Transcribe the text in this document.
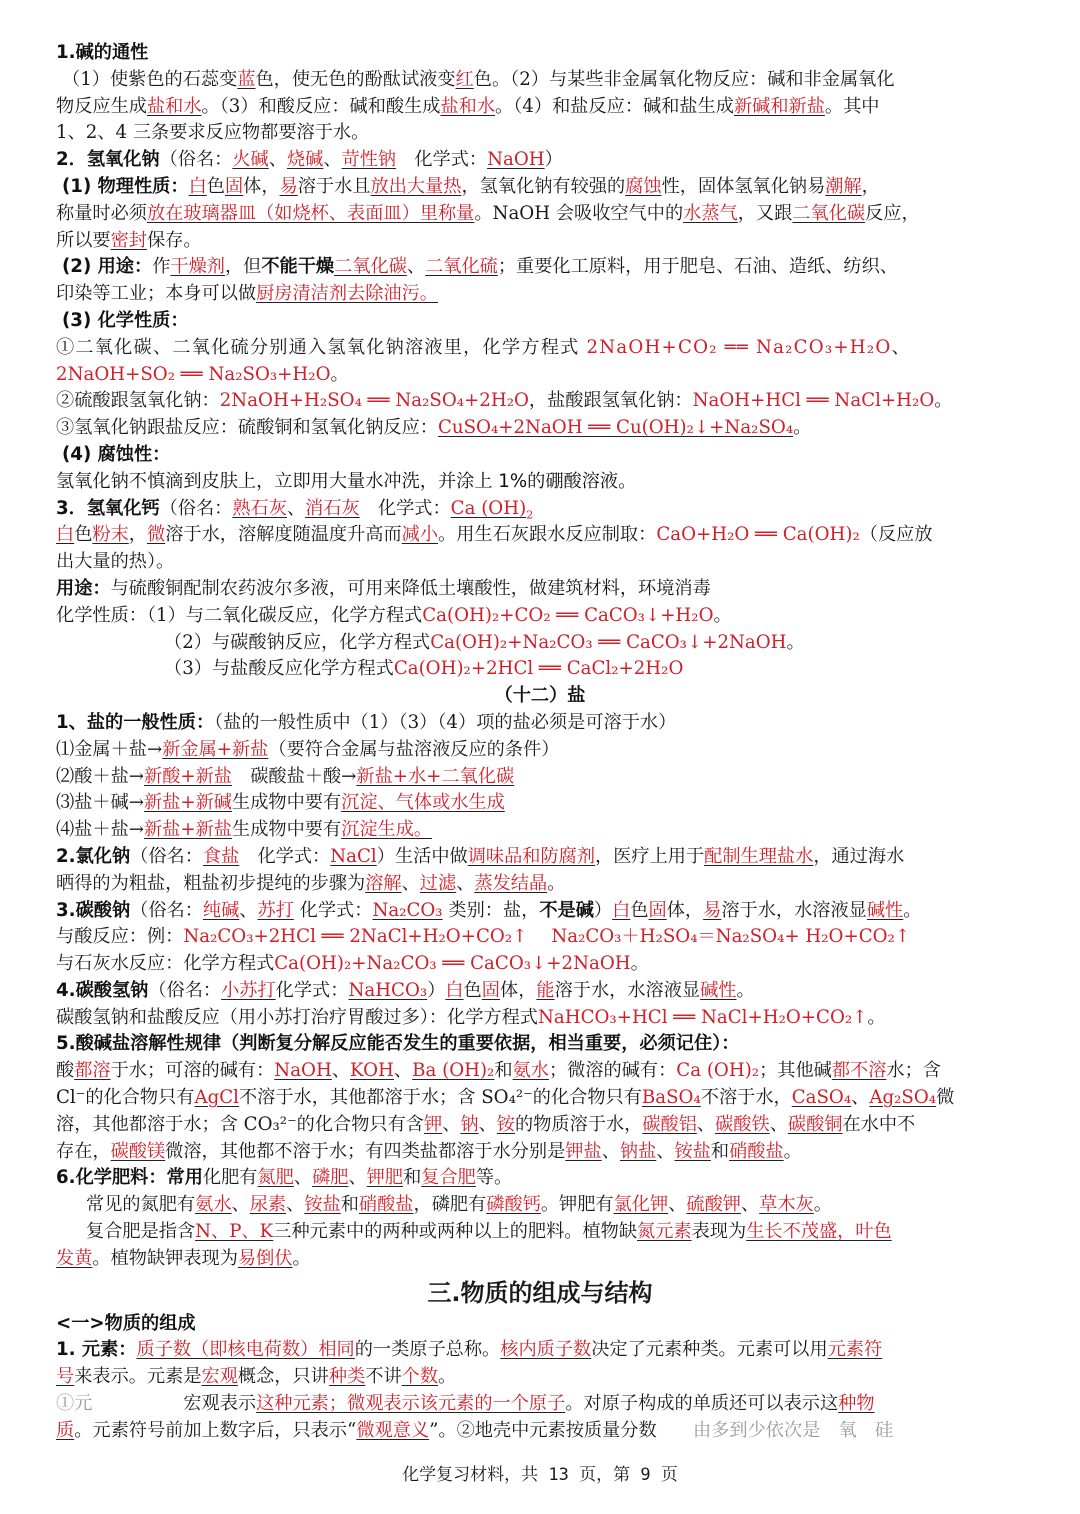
1.碱的通性
（1）使紫色的石蕊变蓝色，使无色的酚酞试液变红色。（2）与某些非金属氧化物反应：碱和非金属氧化
物反应生成盐和水。（3）和酸反应：碱和酸生成盐和水。（4）和盐反应：碱和盐生成新碱和新盐。其中
1、2、4 三条要求反应物都要溶于水。
2．氢氧化钠（俗名：火碱、烧碱、苛性钠　化学式：NaOH）
(1) 物理性质：白色固体，易溶于水且放出大量热，氢氧化钠有较强的腐蚀性，固体氢氧化钠易潮解，
称量时必须放在玻璃器皿（如烧杯、表面皿）里称量。NaOH 会吸收空气中的水蒸气，又跟二氧化碳反应，
所以要密封保存。
(2) 用途：作干燥剂，但不能干燥二氧化碳、二氧化硫；重要化工原料，用于肥皂、石油、造纸、纺织、
印染等工业；本身可以做厨房清洁剂去除油污。
(3) 化学性质：
①二氧化碳、二氧化硫分别通入氢氧化钠溶液里，化学方程式 2NaOH+CO₂ ══ Na₂CO₃+H₂O、
2NaOH+SO₂ ══ Na₂SO₃+H₂O。
②硫酸跟氢氧化钠：2NaOH+H₂SO₄ ══ Na₂SO₄+2H₂O，盐酸跟氢氧化钠：NaOH+HCl ══ NaCl+H₂O。
③氢氧化钠跟盐反应：硫酸铜和氢氧化钠反应：CuSO₄+2NaOH ══ Cu(OH)₂↓+Na₂SO₄。
(4) 腐蚀性：
氢氧化钠不慎滴到皮肤上，立即用大量水冲洗，并涂上 1%的硼酸溶液。
3．氢氧化钙（俗名：熟石灰、消石灰　化学式：Ca $(OH)_2$
白色粉末，微溶于水，溶解度随温度升高而减小。用生石灰跟水反应制取：CaO+H₂O ══ Ca(OH)₂（反应放
出大量的热）。
用途：与硫酸铜配制农药波尔多液，可用来降低土壤酸性，做建筑材料，环境消毒
化学性质：（1）与二氧化碳反应，化学方程式Ca(OH)₂+CO₂ ══ CaCO₃↓+H₂O。
（2）与碳酸钠反应，化学方程式Ca(OH)₂+Na₂CO₃ ══ CaCO₃↓+2NaOH。
（3）与盐酸反应化学方程式Ca(OH)₂+2HCl ══ CaCl₂+2H₂O
（十二）盐
1、盐的一般性质：（盐的一般性质中（1）（3）（4）项的盐必须是可溶于水）
⑴金属＋盐→新金属+新盐（要符合金属与盐溶液反应的条件）
⑵酸＋盐→新酸+新盐　碳酸盐＋酸→新盐+水+二氧化碳
⑶盐＋碱→新盐+新碱生成物中要有沉淀、气体或水生成
⑷盐＋盐→新盐+新盐生成物中要有沉淀生成。
2.氯化钠（俗名：食盐　化学式：NaCl）生活中做调味品和防腐剂，医疗上用于配制生理盐水，通过海水
晒得的为粗盐，粗盐初步提纯的步骤为溶解、过滤、蒸发结晶。
3.碳酸钠（俗名：纯碱、苏打 化学式：Na₂CO₃ 类别：盐，不是碱）白色固体，易溶于水，水溶液显碱性。
与酸反应：例：Na₂CO₃+2HCl ══ 2NaCl+H₂O+CO₂↑　 Na₂CO₃＋H₂SO₄＝Na₂SO₄+ H₂O+CO₂↑
与石灰水反应：化学方程式Ca(OH)₂+Na₂CO₃ ══ CaCO₃↓+2NaOH。
4.碳酸氢钠（俗名：小苏打化学式：NaHCO₃）白色固体，能溶于水，水溶液显碱性。
碳酸氢钠和盐酸反应（用小苏打治疗胃酸过多）：化学方程式NaHCO₃+HCl ══ NaCl+H₂O+CO₂↑。
5.酸碱盐溶解性规律（判断复分解反应能否发生的重要依据，相当重要，必须记住）：
酸都溶于水；可溶的碱有：NaOH、KOH、Ba (OH)₂和氨水；微溶的碱有：Ca (OH)₂；其他碱都不溶水；含
Cl⁻的化合物只有AgCl不溶于水，其他都溶于水；含 SO₄²⁻的化合物只有BaSO₄不溶于水，CaSO₄、Ag₂SO₄微
溶，其他都溶于水；含 CO₃²⁻的化合物只有含钾、钠、铵的物质溶于水，碳酸铝、碳酸铁、碳酸铜在水中不
存在，碳酸镁微溶，其他都不溶于水；有四类盐都溶于水分别是钾盐、钠盐、铵盐和硝酸盐。
6.化学肥料：常用化肥有氮肥、磷肥、钾肥和复合肥等。
常见的氮肥有氨水、尿素、铵盐和硝酸盐，磷肥有磷酸钙。钾肥有氯化钾、硫酸钾、草木灰。
复合肥是指含N、P、K三种元素中的两种或两种以上的肥料。植物缺氮元素表现为生长不茂盛，叶色
发黄。植物缺钾表现为易倒伏。
三.物质的组成与结构
<一>物质的组成
1. 元素：质子数（即核电荷数）相同的一类原子总称。核内质子数决定了元素种类。元素可以用元素符
号来表示。元素是宏观概念，只讲种类不讲个数。
①元　　　　　	宏观表示这种元素；微观表示该元素的一个原子。对原子构成的单质还可以表示这种物
质。元素符号前加上数字后，只表示“微观意义”。②地壳中元素按质量分数　　由多到少依次是　氧　硅
化学复习材料，共 13 页，第 9 页
